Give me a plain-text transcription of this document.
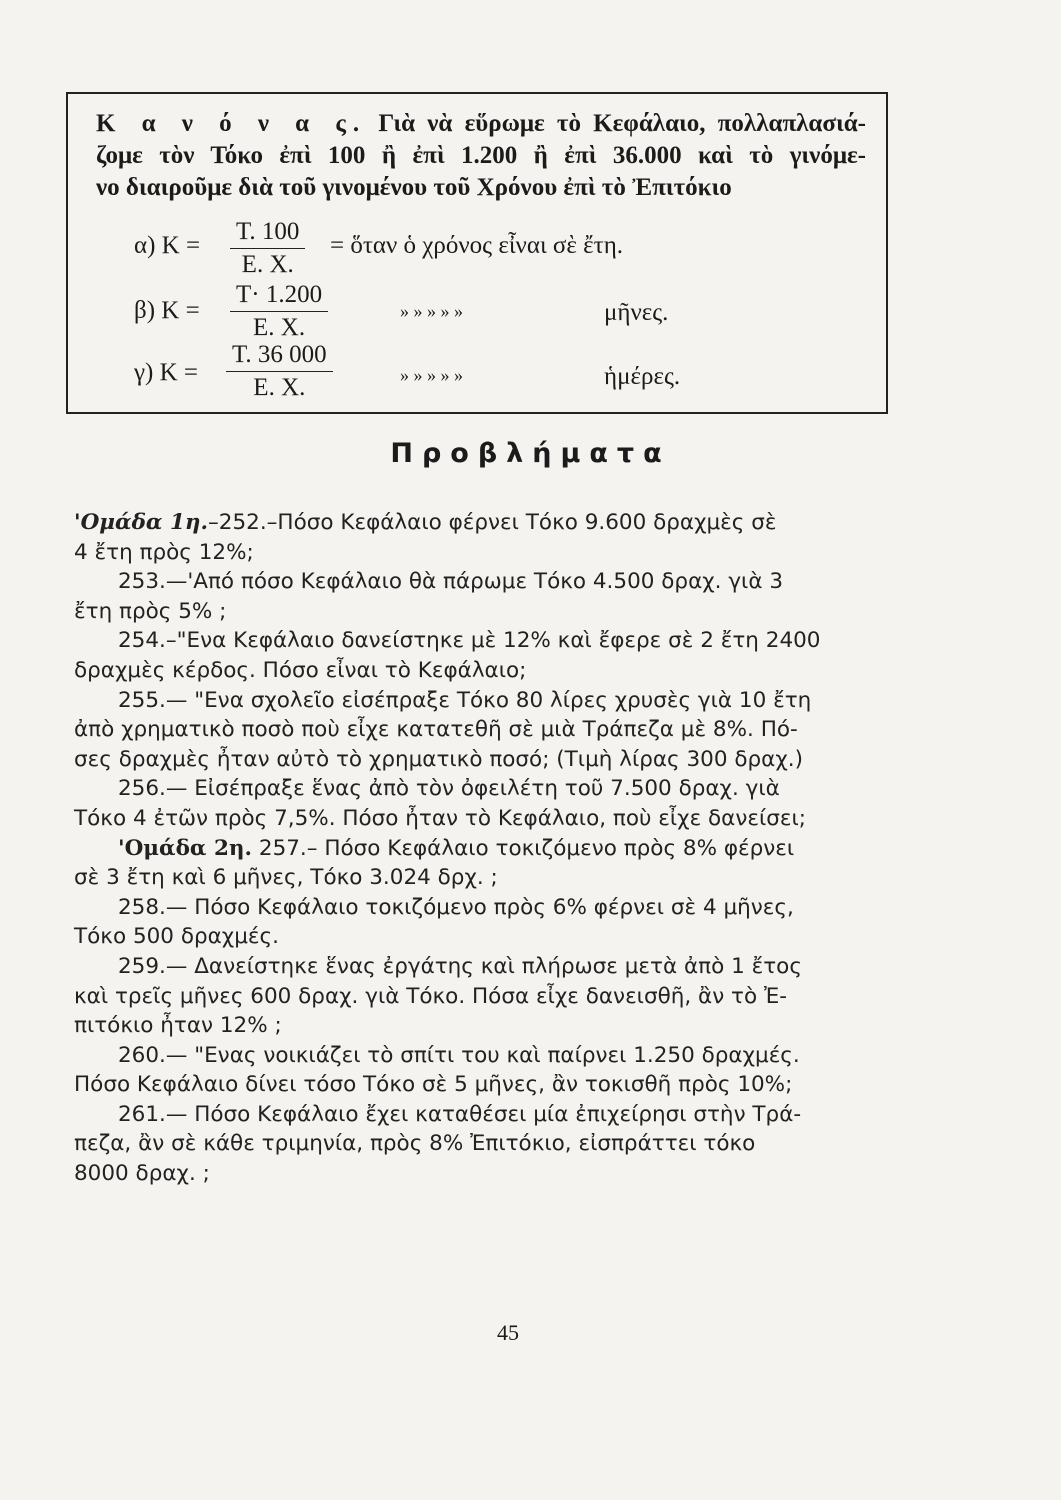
Κ α ν ό ν α ς. Γιὰ νὰ εὕρωμε τὸ Κεφάλαιο, πολλαπλασιά-
ζομε τὸν Τόκο ἐπὶ 100 ἢ ἐπὶ 1.200 ἢ ἐπὶ 36.000 καὶ τὸ γινόμε-
νο διαιροῦμε διὰ τοῦ γινομένου τοῦ Χρόνου ἐπὶ τὸ Ἐπιτόκιο
α) $K = \frac{T. 100}{E. X.}$ = ὅταν ὁ χρόνος εἶναι σὲ ἔτη.
β) $K = \frac{T\cdot 1.200}{E. X.}$	» » » » »	μῆνες.
γ) $K = \frac{T. 36 000}{E. X.}$	» » » » »	ἡμέρες.
Προβλήματα
'Ομάδα 1η.–252.–Πόσο Κεφάλαιο φέρνει Τόκο 9.600 δραχμὲς σὲ
4 ἔτη πρὸς 12%;
253.—'Από πόσο Κεφάλαιο θὰ πάρωμε Τόκο 4.500 δραχ. γιὰ 3
ἔτη πρὸς 5% ;
254.–"Ενα Κεφάλαιο δανείστηκε μὲ 12% καὶ ἔφερε σὲ 2 ἔτη 2400
δραχμὲς κέρδος. Πόσο εἶναι τὸ Κεφάλαιο;
255.— "Ενα σχολεῖο εἰσέπραξε Τόκο 80 λίρες χρυσὲς γιὰ 10 ἔτη
ἀπὸ χρηματικὸ ποσὸ ποὺ εἶχε κατατεθῆ σὲ μιὰ Τράπεζα μὲ 8%. Πό-
σες δραχμὲς ἦταν αὐτὸ τὸ χρηματικὸ ποσό; (Τιμὴ λίρας 300 δραχ.)
256.— Εἰσέπραξε ἕνας ἀπὸ τὸν ὀφειλέτη τοῦ 7.500 δραχ. γιὰ
Τόκο 4 ἐτῶν πρὸς 7,5%. Πόσο ἦταν τὸ Κεφάλαιο, ποὺ εἶχε δανείσει;
'Ομάδα 2η. 257.– Πόσο Κεφάλαιο τοκιζόμενο πρὸς 8% φέρνει
σὲ 3 ἔτη καὶ 6 μῆνες, Τόκο 3.024 δρχ. ;
258.— Πόσο Κεφάλαιο τοκιζόμενο πρὸς 6% φέρνει σὲ 4 μῆνες,
Τόκο 500 δραχμές.
259.— Δανείστηκε ἕνας ἐργάτης καὶ πλήρωσε μετὰ ἀπὸ 1 ἔτος
καὶ τρεῖς μῆνες 600 δραχ. γιὰ Τόκο. Πόσα εἶχε δανεισθῆ, ἂν τὸ Ἐ-
πιτόκιο ἦταν 12% ;
260.— "Ενας νοικιάζει τὸ σπίτι του καὶ παίρνει 1.250 δραχμές.
Πόσο Κεφάλαιο δίνει τόσο Τόκο σὲ 5 μῆνες, ἂν τοκισθῆ πρὸς 10%;
261.— Πόσο Κεφάλαιο ἔχει καταθέσει μία ἐπιχείρησι στὴν Τρά-
πεζα, ἂν σὲ κάθε τριμηνία, πρὸς 8% Ἐπιτόκιο, εἰσπράττει τόκο
8000 δραχ. ;
45
